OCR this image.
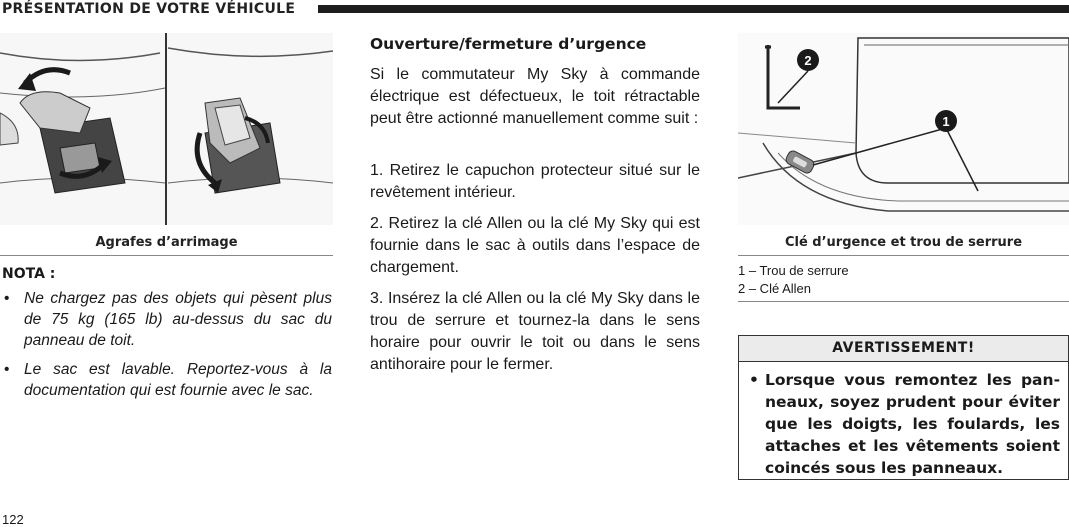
PRÉSENTATION DE VOTRE VÉHICULE
Agrafes d’arrimage
NOTA :
• Ne chargez pas des objets qui pèsent plus de 75 kg (165 lb) au-dessus du sac du panneau de toit.
• Le sac est lavable. Reportez-vous à la documentation qui est fournie avec le sac.
Ouverture/fermeture d’urgence
Si le commutateur My Sky à commande électrique est défectueux, le toit rétractable peut être actionné manuellement comme suit :
1. Retirez le capuchon protecteur situé sur le revêtement intérieur.
2. Retirez la clé Allen ou la clé My Sky qui est fournie dans le sac à outils dans l’espace de chargement.
3. Insérez la clé Allen ou la clé My Sky dans le trou de serrure et tournez-la dans le sens horaire pour ouvrir le toit ou dans le sens antihoraire pour le fermer.
2
1
Clé d’urgence et trou de serrure
1 – Trou de serrure
2 – Clé Allen
AVERTISSEMENT!
• Lorsque vous remontez les panneaux, soyez prudent pour éviter que les doigts, les foulards, les attaches et les vêtements soient coincés sous les panneaux.
122
